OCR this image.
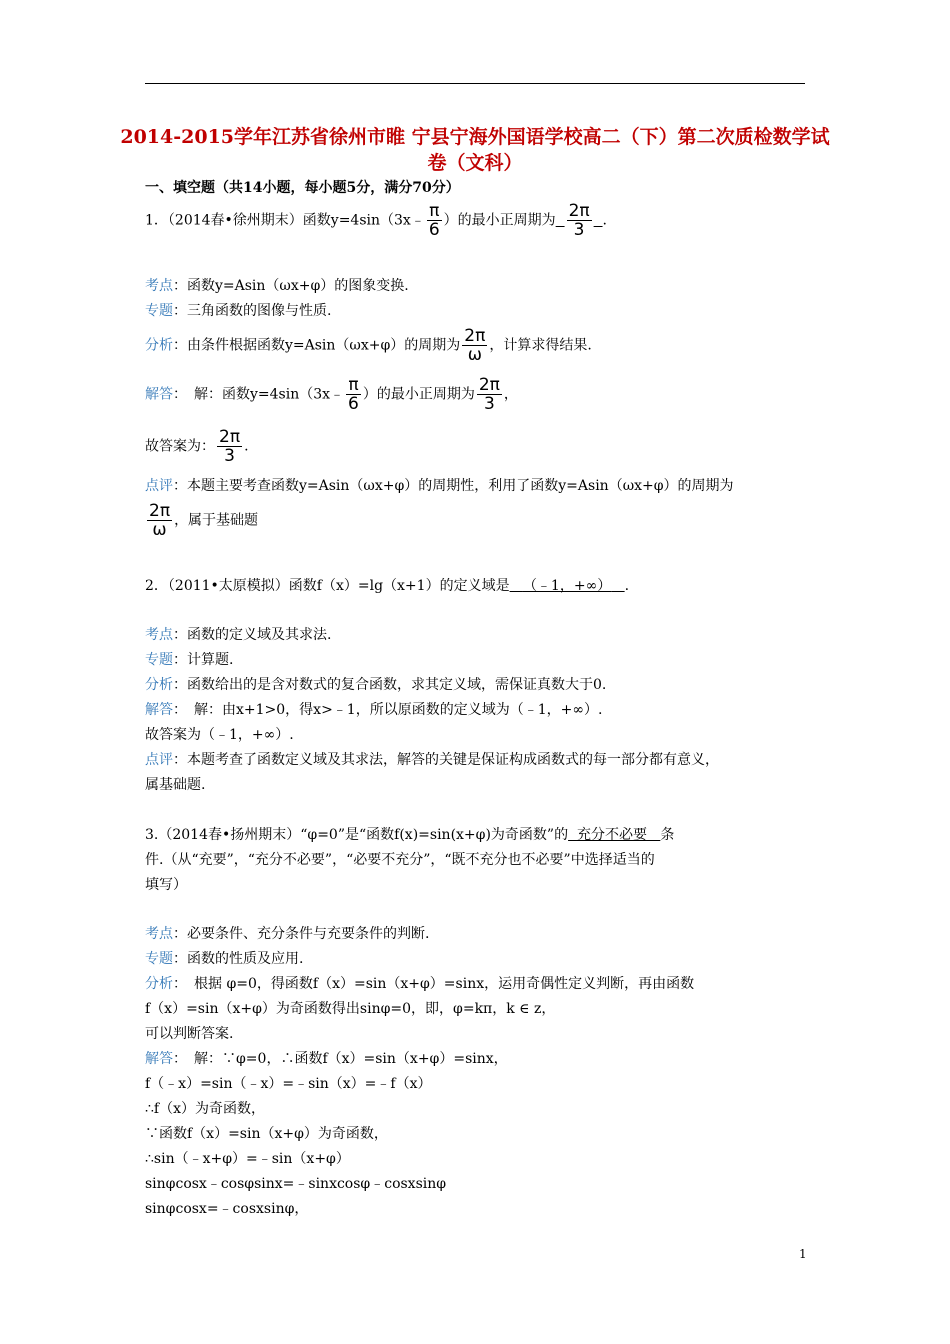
2014-2015学年江苏省徐州市睢 宁县宁海外国语学校高二（下）第二次质检数学试卷（文科）
一、填空题（共14小题，每小题5分，满分70分）
1．（2014春•徐州期末）函数y=4sin（3x﹣ $\frac{\pi}{6}$ ）的最小正周期为 $\frac{2\pi}{3}$ .
考点：函数y=Asin（ωx+φ）的图象变换.
专题：三角函数的图像与性质.
分析：由条件根据函数y=Asin（ωx+φ）的周期为 $\frac{2\pi}{\omega}$ ，计算求得结果.
解答：　解：函数y=4sin（3x﹣ $\frac{\pi}{6}$ ）的最小正周期为 $\frac{2\pi}{3}$ ，
故答案为： $\frac{2\pi}{3}$ .
点评：本题主要考查函数y=Asin（ωx+φ）的周期性，利用了函数y=Asin（ωx+φ）的周期为
$\frac{2\pi}{\omega}$ ，属于基础题
2．（2011•太原模拟）函数f（x）=lg（x+1）的定义域是 （﹣1，+∞） .
考点：函数的定义域及其求法.
专题：计算题.
分析：函数给出的是含对数式的复合函数，求其定义域，需保证真数大于0.
解答：　解：由x+1>0，得x>﹣1，所以原函数的定义域为（﹣1，+∞）.
故答案为（﹣1，+∞）.
点评：本题考查了函数定义域及其求法，解答的关键是保证构成函数式的每一部分都有意义，
属基础题.
3.（2014春•扬州期末）“φ=0”是“函数f(x)=sin(x+φ)为奇函数”的 充分不必要 条
件.（从“充要”，“充分不必要”，“必要不充分”，“既不充分也不必要”中选择适当的
填写）
考点：必要条件、充分条件与充要条件的判断.
专题：函数的性质及应用.
分析：　根据 φ=0，得函数f（x）=sin（x+φ）=sinx，运用奇偶性定义判断，再由函数
f（x）=sin（x+φ）为奇函数得出sinφ=0，即，φ=kπ，k ∈ z，
可以判断答案.
解答：　解：∵φ=0，∴函数f（x）=sin（x+φ）=sinx，
f（﹣x）=sin（﹣x）=﹣sin（x）=﹣f（x）
∴f（x）为奇函数，
∵函数f（x）=sin（x+φ）为奇函数，
∴sin（﹣x+φ）=﹣sin（x+φ）
sinφcosx﹣cosφsinx=﹣sinxcosφ﹣cosxsinφ
sinφcosx=﹣cosxsinφ，
1
